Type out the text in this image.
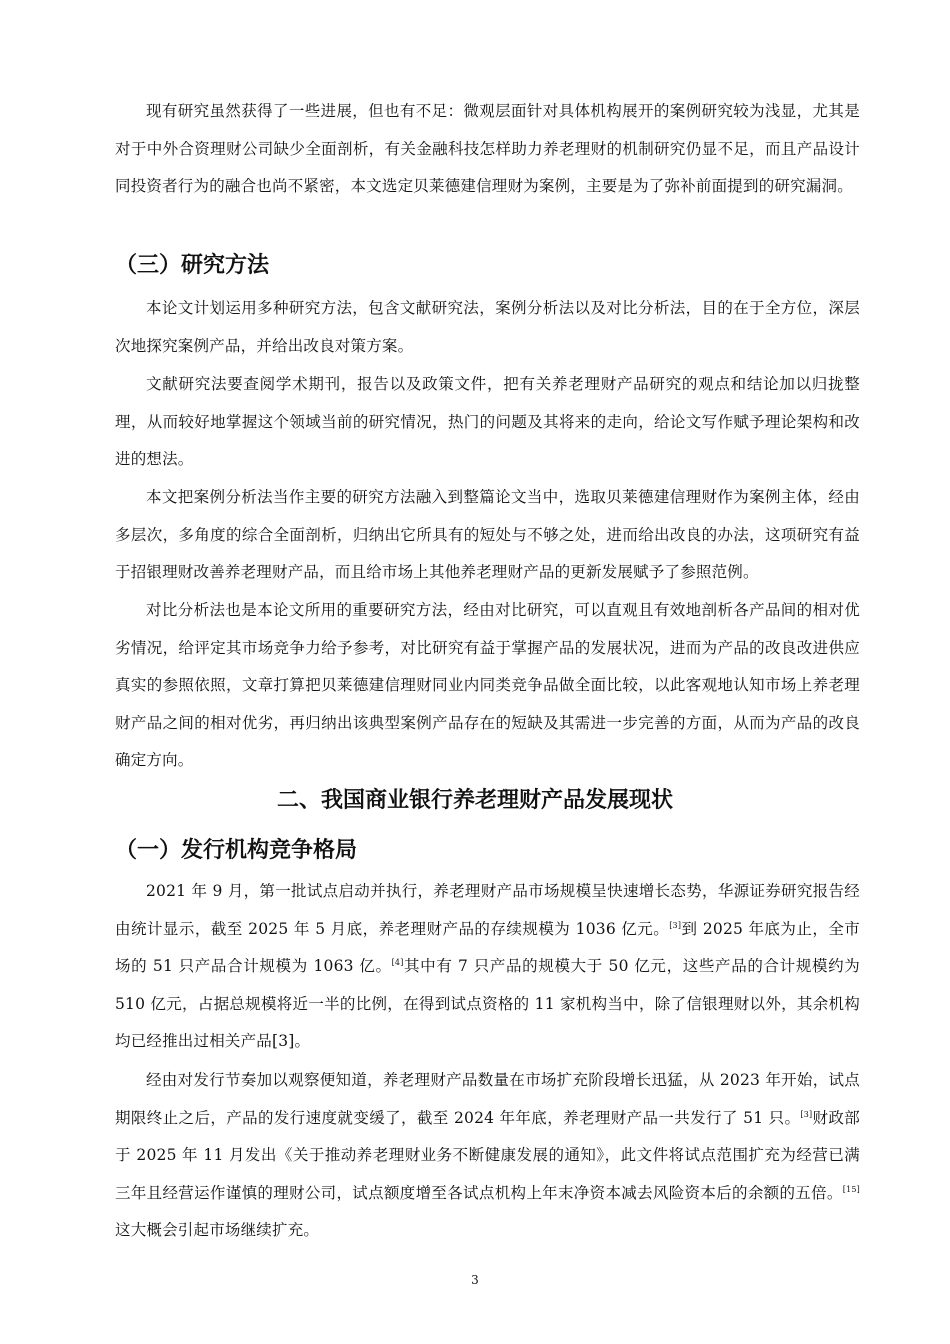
现有研究虽然获得了一些进展，但也有不足：微观层面针对具体机构展开的案例研究较为浅显，尤其是对于中外合资理财公司缺少全面剖析，有关金融科技怎样助力养老理财的机制研究仍显不足，而且产品设计同投资者行为的融合也尚不紧密，本文选定贝莱德建信理财为案例，主要是为了弥补前面提到的研究漏洞。

（三）研究方法

本论文计划运用多种研究方法，包含文献研究法，案例分析法以及对比分析法，目的在于全方位，深层次地探究案例产品，并给出改良对策方案。

文献研究法要查阅学术期刊，报告以及政策文件，把有关养老理财产品研究的观点和结论加以归拢整理，从而较好地掌握这个领域当前的研究情况，热门的问题及其将来的走向，给论文写作赋予理论架构和改进的想法。

本文把案例分析法当作主要的研究方法融入到整篇论文当中，选取贝莱德建信理财作为案例主体，经由多层次，多角度的综合全面剖析，归纳出它所具有的短处与不够之处，进而给出改良的办法，这项研究有益于招银理财改善养老理财产品，而且给市场上其他养老理财产品的更新发展赋予了参照范例。

对比分析法也是本论文所用的重要研究方法，经由对比研究，可以直观且有效地剖析各产品间的相对优劣情况，给评定其市场竞争力给予参考，对比研究有益于掌握产品的发展状况，进而为产品的改良改进供应真实的参照依照，文章打算把贝莱德建信理财同业内同类竞争品做全面比较，以此客观地认知市场上养老理财产品之间的相对优劣，再归纳出该典型案例产品存在的短缺及其需进一步完善的方面，从而为产品的改良确定方向。

二、我国商业银行养老理财产品发展现状
（一）发行机构竞争格局

2021 年 9 月，第一批试点启动并执行，养老理财产品市场规模呈快速增长态势，华源证券研究报告经由统计显示，截至 2025 年 5 月底，养老理财产品的存续规模为 1036 亿元。[3]到 2025 年底为止，全市场的 51 只产品合计规模为 1063 亿。[4]其中有 7 只产品的规模大于 50 亿元，这些产品的合计规模约为 510 亿元，占据总规模将近一半的比例，在得到试点资格的 11 家机构当中，除了信银理财以外，其余机构均已经推出过相关产品[3]。

经由对发行节奏加以观察便知道，养老理财产品数量在市场扩充阶段增长迅猛，从 2023 年开始，试点期限终止之后，产品的发行速度就变缓了，截至 2024 年年底，养老理财产品一共发行了 51 只。[3]财政部于 2025 年 11 月发出《关于推动养老理财业务不断健康发展的通知》，此文件将试点范围扩充为经营已满三年且经营运作谨慎的理财公司，试点额度增至各试点机构上年末净资本减去风险资本后的余额的五倍。[15]这大概会引起市场继续扩充。

3
